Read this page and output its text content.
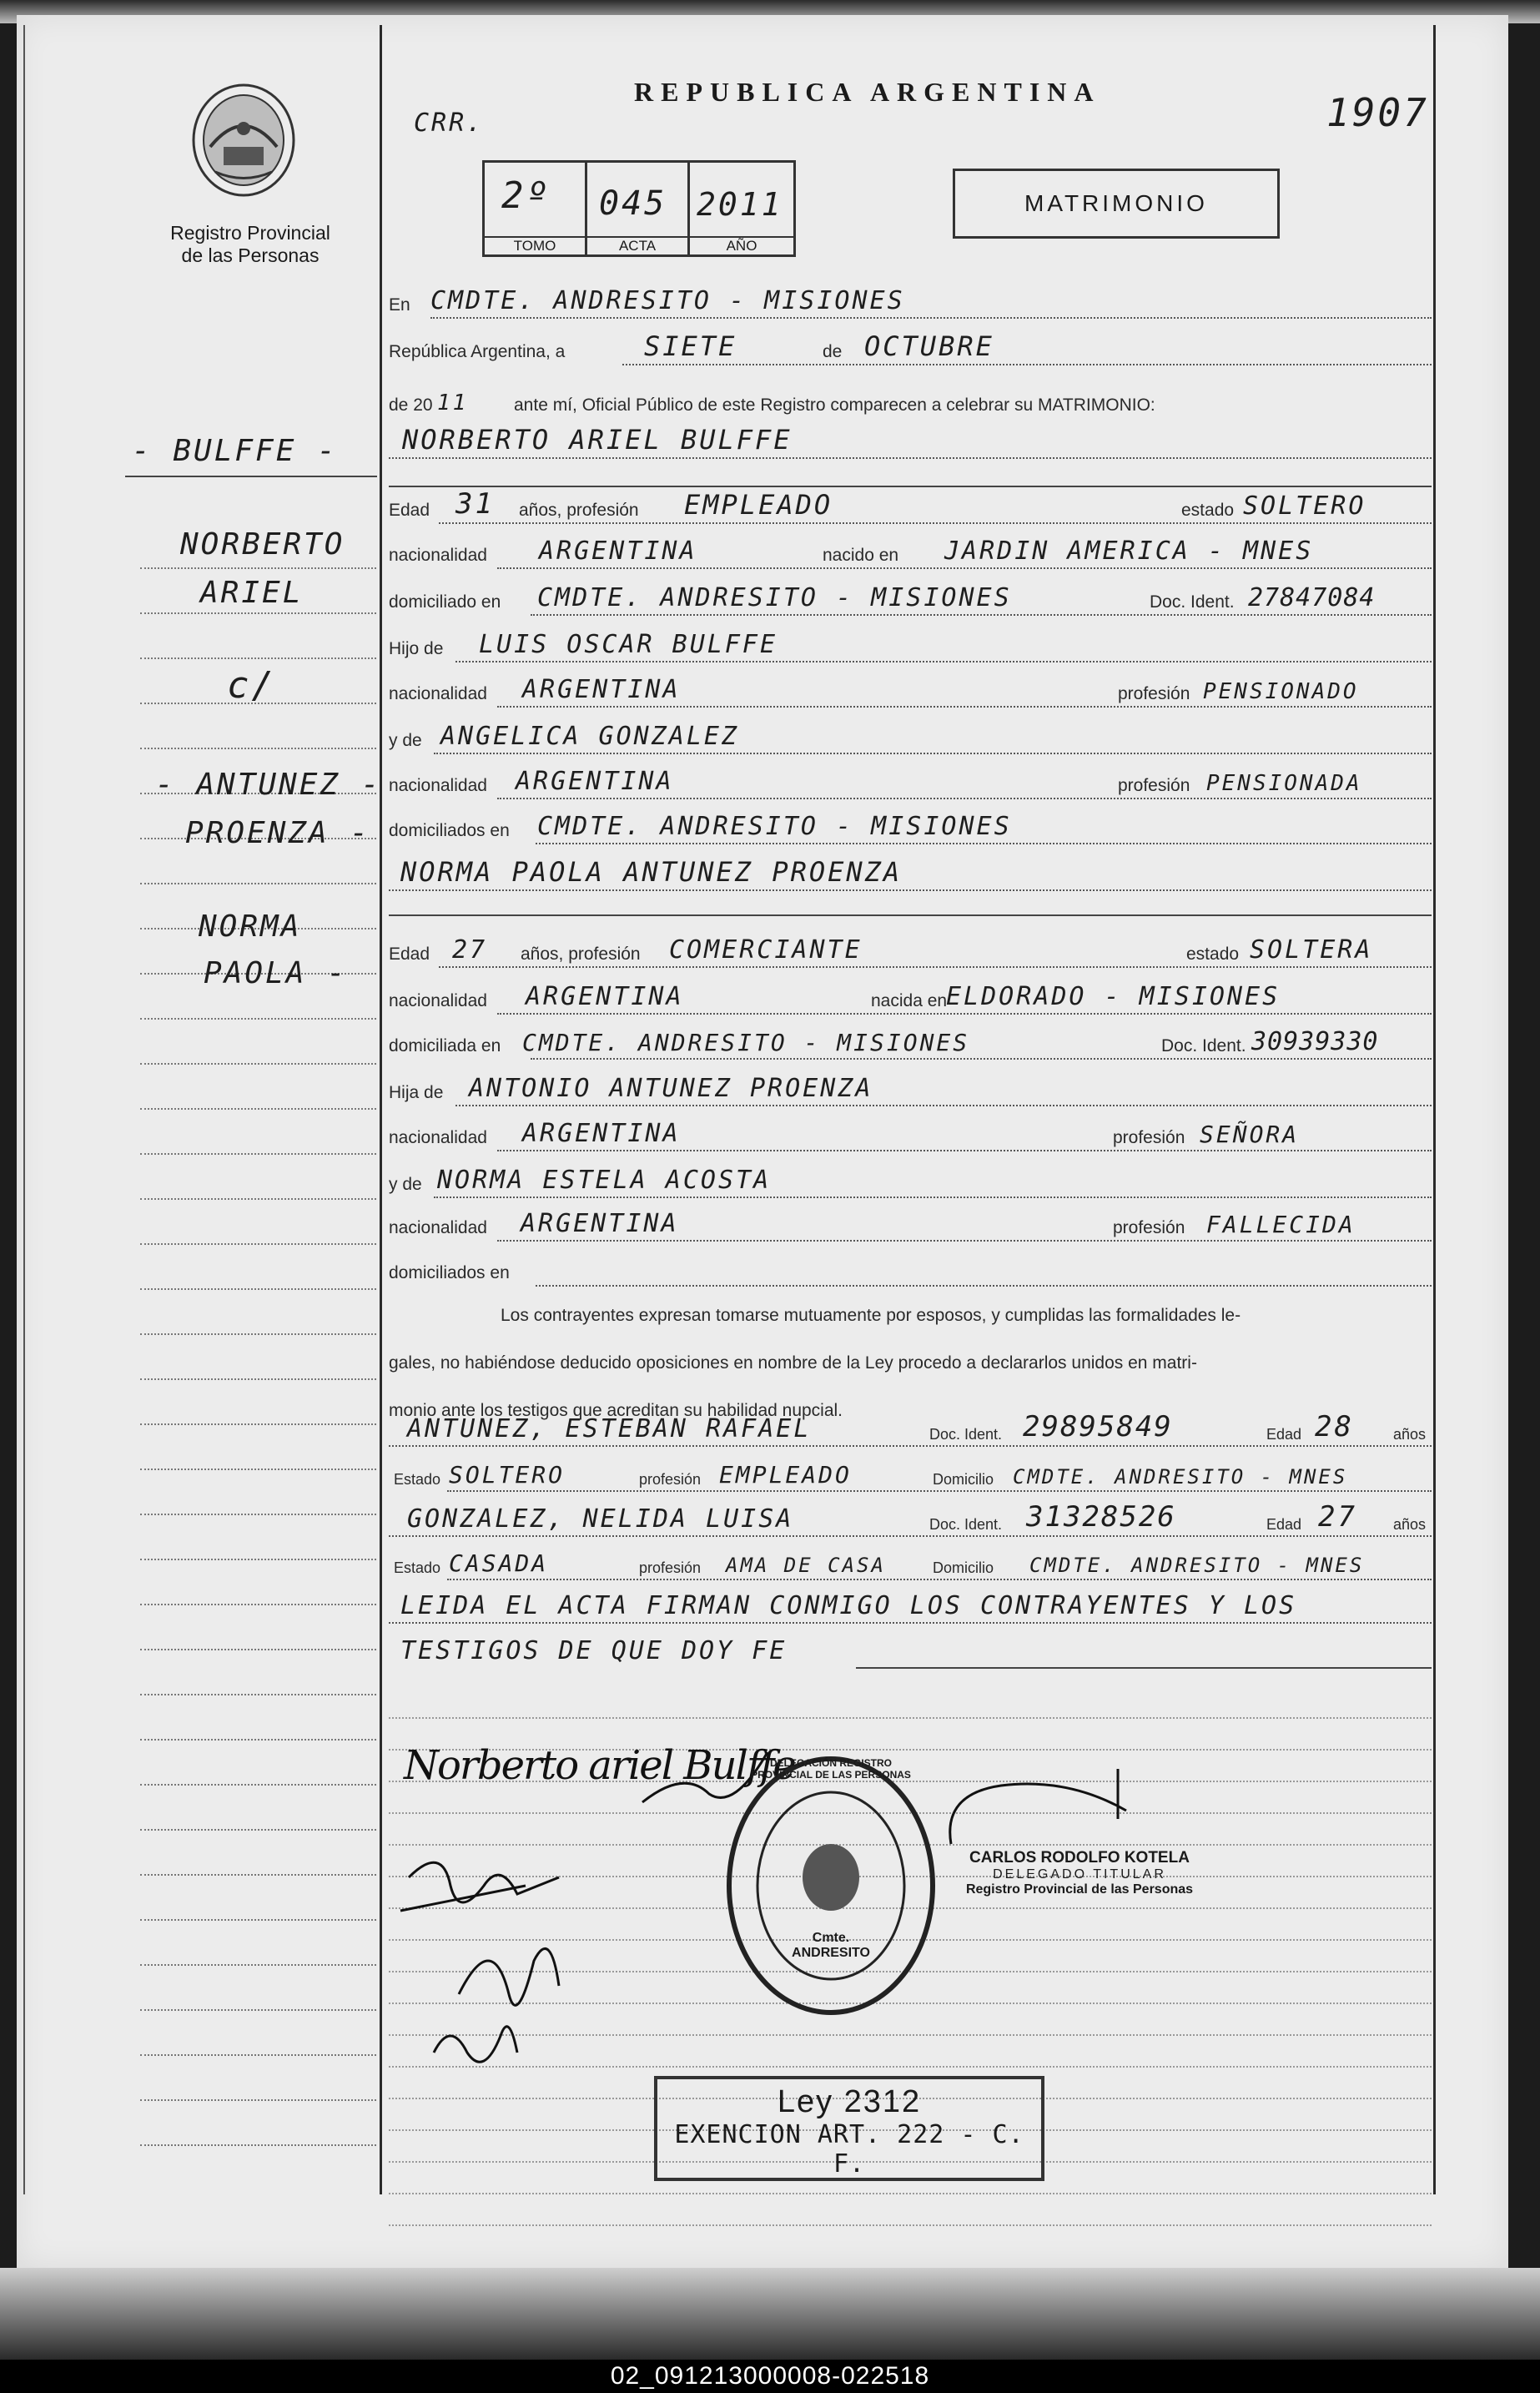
Registro Provincial
de las Personas
REPUBLICA ARGENTINA
CRR.	1907
2º
TOMO
045
ACTA
2011
AÑO
MATRIMONIO
En CMDTE. ANDRESITO - MISIONES
República Argentina, a	SIETE	de OCTUBRE
de 20 11	ante mí, Oficial Público de este Registro comparecen a celebrar su MATRIMONIO:
NORBERTO ARIEL BULFFE
Edad 31 años, profesión EMPLEADO	estado SOLTERO
nacionalidad ARGENTINA	nacido en JARDIN AMERICA - MNES
domiciliado en CMDTE. ANDRESITO - MISIONES	Doc. Ident. 27847084
Hijo de LUIS OSCAR BULFFE
nacionalidad ARGENTINA	profesión PENSIONADO
y de ANGELICA GONZALEZ
nacionalidad ARGENTINA	profesión PENSIONADA
domiciliados en CMDTE. ANDRESITO - MISIONES
NORMA PAOLA ANTUNEZ PROENZA
Edad 27 años, profesión COMERCIANTE	estado SOLTERA
nacionalidad ARGENTINA	nacida en
ELDORADO - MISIONES
domiciliada en CMDTE. ANDRESITO - MISIONES	Doc. Ident. 30939330
Hija de ANTONIO ANTUNEZ PROENZA
nacionalidad ARGENTINA	profesión SEÑORA
y de NORMA ESTELA ACOSTA
nacionalidad ARGENTINA	profesión FALLECIDA
domiciliados en
Los contrayentes expresan tomarse mutuamente por esposos, y cumplidas las formalidades le-
gales, no habiéndose deducido oposiciones en nombre de la Ley procedo a declararlos unidos en matri-
monio ante los testigos que acreditan su habilidad nupcial.
ANTUNEZ, ESTEBAN RAFAEL	Doc. Ident. 29895849	Edad 28	años
Estado SOLTERO	profesión EMPLEADO	Domicilio CMDTE. ANDRESITO - MNES
GONZALEZ, NELIDA LUISA	Doc. Ident. 31328526	Edad 27 años
Estado CASADA	profesión AMA DE CASA	Domicilio CMDTE. ANDRESITO - MNES
LEIDA EL ACTA FIRMAN CONMIGO LOS CONTRAYENTES Y LOS
TESTIGOS DE QUE DOY FE
Norberto ariel Bulffe
DELEGACIÓN REGISTRO PROVINCIAL DE LAS PERSONAS
Cmte. ANDRESITO
CARLOS RODOLFO KOTELA
DELEGADO TITULAR
Registro Provincial de las Personas
Ley 2312
EXENCION ART. 222 - C. F.
- BULFFE -
NORBERTO
ARIEL
c/
- ANTUNEZ -
PROENZA -
NORMA
PAOLA -
02_091213000008-022518
